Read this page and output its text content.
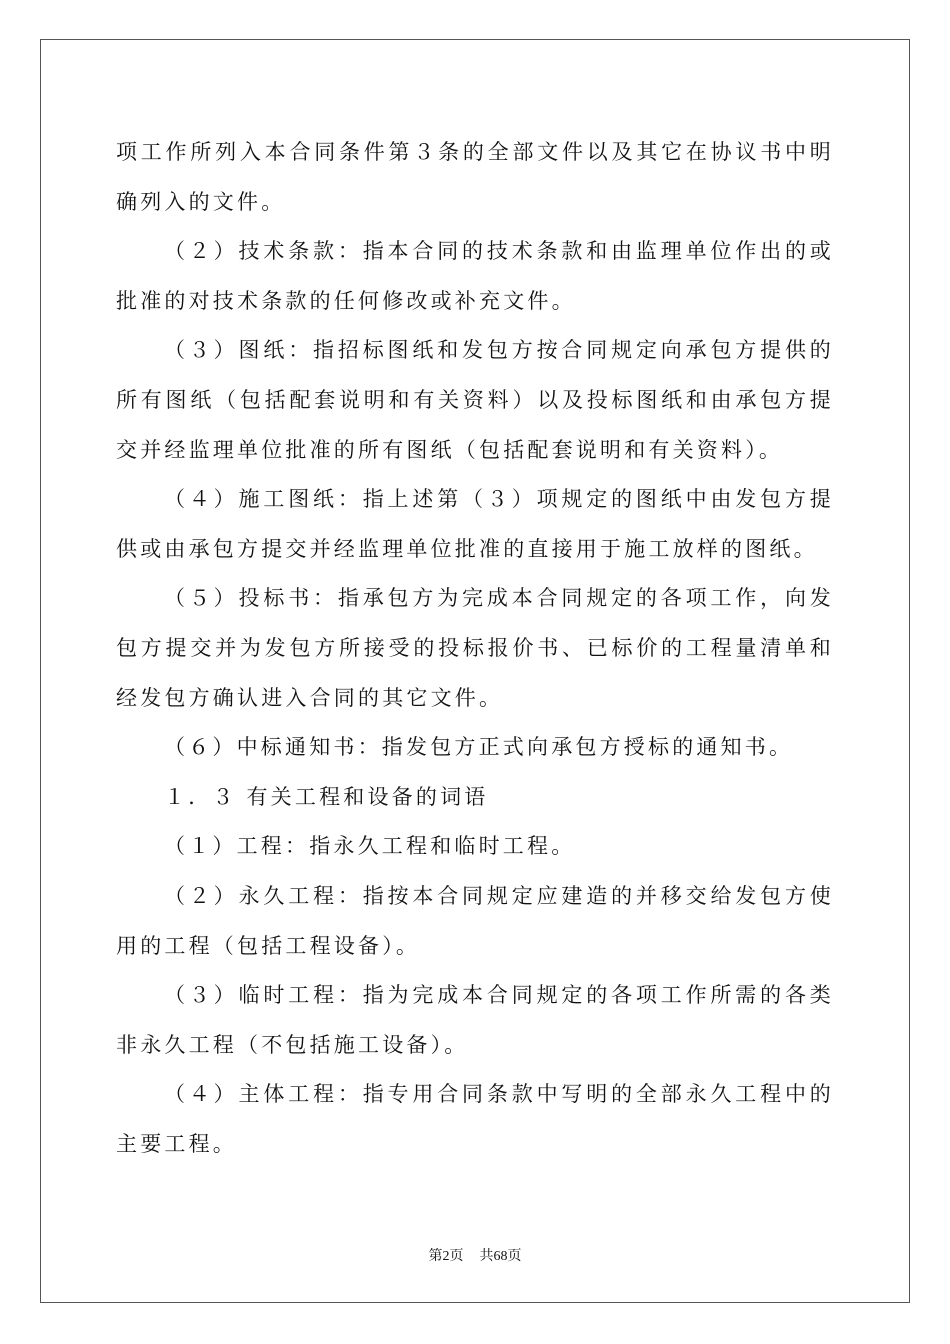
项工作所列入本合同条件第３条的全部文件以及其它在协议书中明确列入的文件。

（２）技术条款：指本合同的技术条款和由监理单位作出的或批准的对技术条款的任何修改或补充文件。

（３）图纸：指招标图纸和发包方按合同规定向承包方提供的所有图纸（包括配套说明和有关资料）以及投标图纸和由承包方提交并经监理单位批准的所有图纸（包括配套说明和有关资料）。

（４）施工图纸：指上述第（３）项规定的图纸中由发包方提供或由承包方提交并经监理单位批准的直接用于施工放样的图纸。

（５）投标书：指承包方为完成本合同规定的各项工作，向发包方提交并为发包方所接受的投标报价书、已标价的工程量清单和经发包方确认进入合同的其它文件。

（６）中标通知书：指发包方正式向承包方授标的通知书。

１．３ 有关工程和设备的词语

（１）工程：指永久工程和临时工程。

（２）永久工程：指按本合同规定应建造的并移交给发包方使用的工程（包括工程设备）。

（３）临时工程：指为完成本合同规定的各项工作所需的各类非永久工程（不包括施工设备）。

（４）主体工程：指专用合同条款中写明的全部永久工程中的主要工程。

第2页 共68页
